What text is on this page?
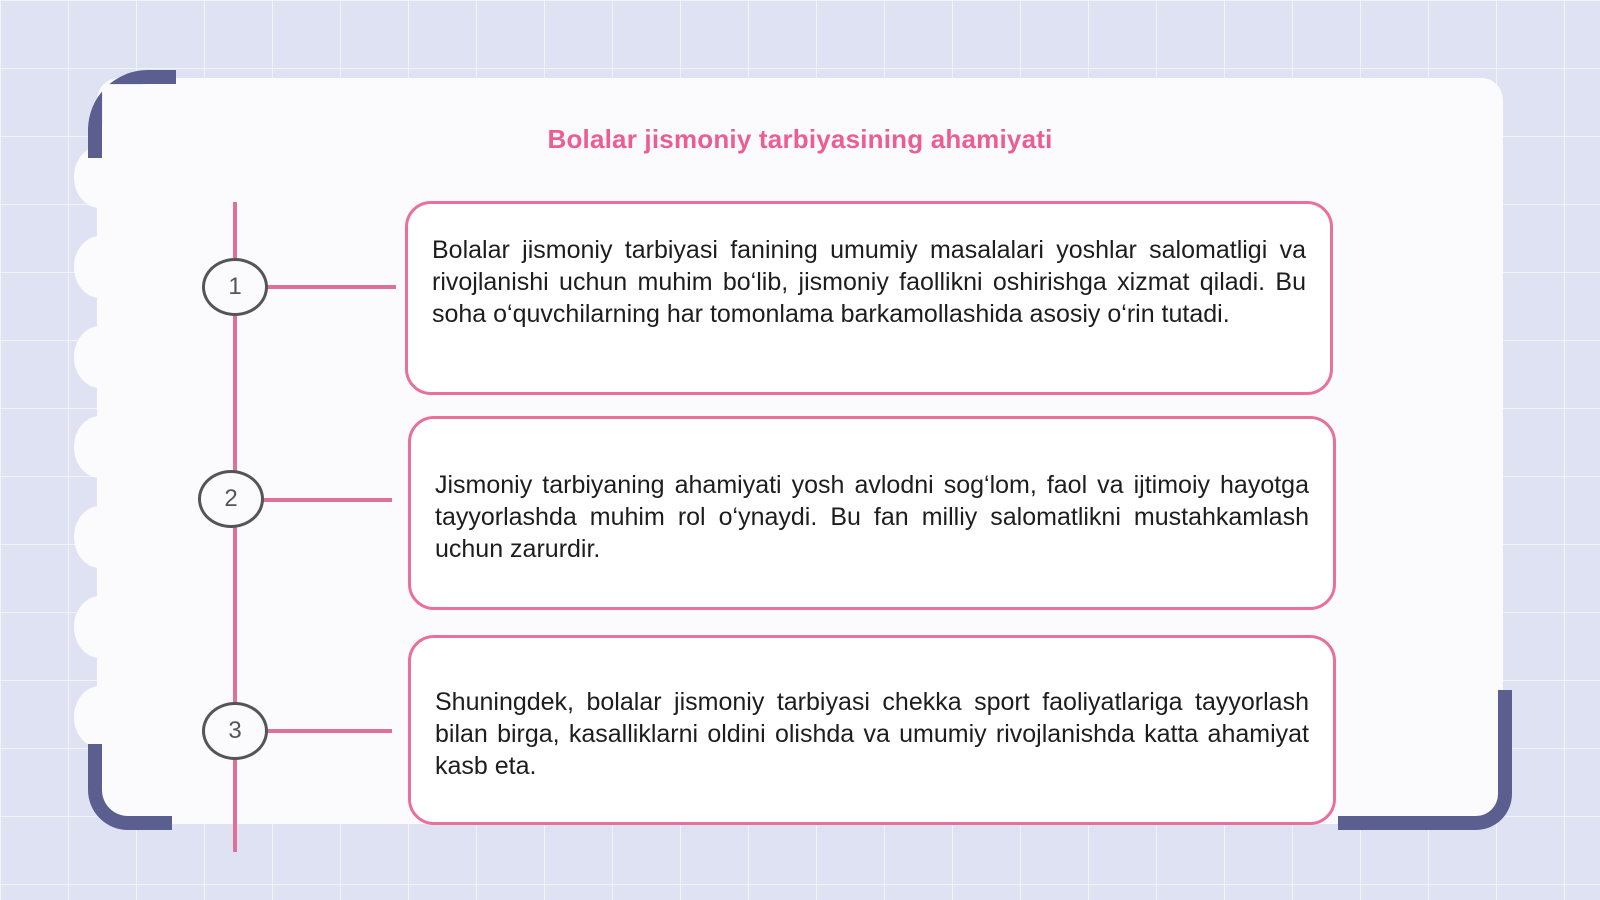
Bolalar jismoniy tarbiyasining ahamiyati
1
Bolalar jismoniy tarbiyasi fanining umumiy masalalari yoshlar salomatligi va rivojlanishi uchun muhim bo‘lib, jismoniy faollikni oshirishga xizmat qiladi. Bu soha o‘quvchilarning har tomonlama barkamollashida asosiy o‘rin tutadi.
2	Jismoniy tarbiyaning ahamiyati yosh avlodni sog‘lom, faol va ijtimoiy hayotga tayyorlashda muhim rol o‘ynaydi. Bu fan milliy salomatlikni mustahkamlash uchun zarurdir.
3
Shuningdek, bolalar jismoniy tarbiyasi chekka sport faoliyatlariga tayyorlash bilan birga, kasalliklarni oldini olishda va umumiy rivojlanishda katta ahamiyat kasb eta.
